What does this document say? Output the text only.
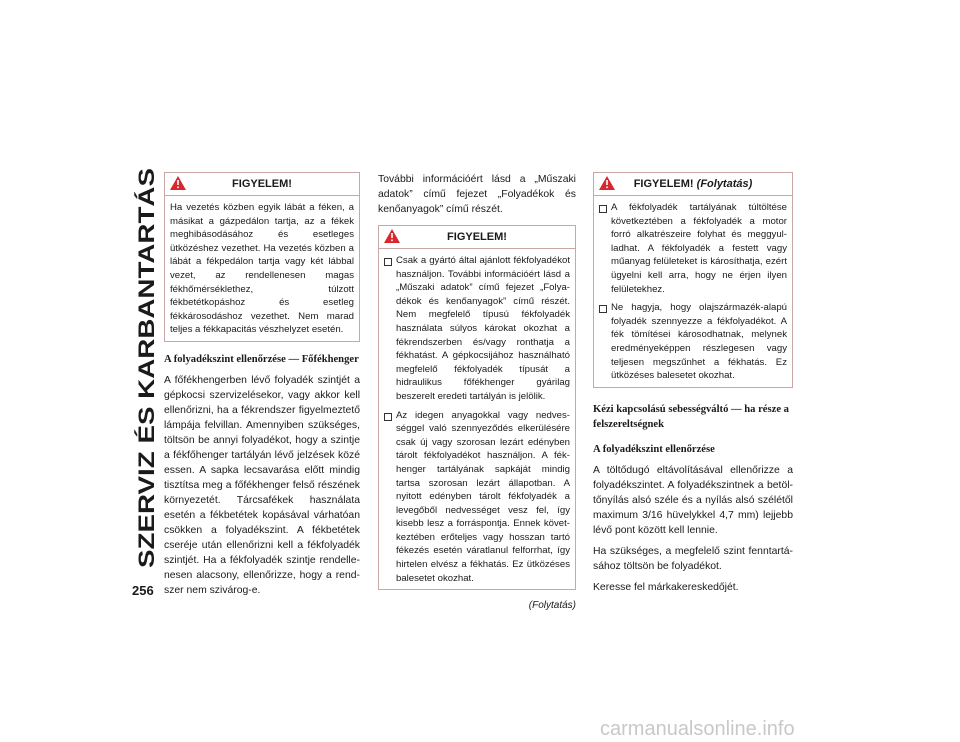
SZERVIZ ÉS KARBANTARTÁS
256
FIGYELEM!
Ha vezetés közben egyik lábát a féken, a másikat a gázpedálon tartja, az a fékek meghibásodásához és esetleges ütközéshez vezethet. Ha vezetés közben a lábát a fékpedálon tartja vagy két lábbal vezet, az rendellenesen magas fékhőmérséklethez, túlzott fékbetétkopáshoz és esetleg fékkárosodáshoz vezethet. Nem marad teljes a fékkapacitás vészhelyzet esetén.
A folyadékszint ellenőrzése — Főfékhenger

A főfékhengerben lévő folyadék szintjét a gépkocsi szervizelésekor, vagy akkor kell ellenőrizni, ha a fékrendszer figyelmeztető lámpája felvillan. Amennyiben szükséges, töltsön be annyi folyadékot, hogy a szintje a fékfőhenger tartályán lévő jelzések közé essen. A sapka lecsavarása előtt mindig tisztítsa meg a főfékhenger felső részének környezetét. Tárcsafékek használata esetén a fékbetétek kopásával várhatóan csökken a folyadékszint. A fékbetétek cseréje után ellenőrizni kell a fékfolyadék szintjét. Ha a fékfolyadék szintje rendellenesen alacsony, ellenőrizze, hogy a rendszer nem szivárog-e.

További információért lásd a „Műszaki adatok” című fejezet „Folyadékok és kenőanyagok” című részét.

FIGYELEM!
Csak a gyártó által ajánlott fékfolyadékot használjon. További információért lásd a „Műszaki adatok” című fejezet „Folyadékok és kenőanyagok” című részét. Nem megfelelő típusú fékfolyadék használata súlyos károkat okozhat a fékrendszerben és/vagy ronthatja a fékhatást. A gépkocsijához használható megfelelő fékfolyadék típusát a hidraulikus főfékhenger gyárilag beszerelt eredeti tartályán is jelölik.
Az idegen anyagokkal vagy nedvességgel való szennyeződés elkerülésére csak új vagy szorosan lezárt edényben tárolt fékfolyadékot használjon. A fékhenger tartályának sapkáját mindig tartsa szorosan lezárt állapotban. A nyitott edényben tárolt fékfolyadék a levegőből nedvességet vesz fel, így kisebb lesz a forráspontja. Ennek következtében erőteljes vagy hosszan tartó fékezés esetén váratlanul felforrhat, így hirtelen elvész a fékhatás. Ez ütközéses balesetet okozhat.
(Folytatás)
FIGYELEM! (Folytatás)
A fékfolyadék tartályának túltöltése következtében a fékfolyadék a motor forró alkatrészeire folyhat és meggyulladhat. A fékfolyadék a festett vagy műanyag felületeket is károsíthatja, ezért ügyelni kell arra, hogy ne érjen ilyen felületekhez.
Ne hagyja, hogy olajszármazék-alapú folyadék szennyezze a fékfolyadékot. A fék tömítései károsodhatnak, melynek eredményeképpen részlegesen vagy teljesen megszűnhet a fékhatás. Ez ütközéses balesetet okozhat.
Kézi kapcsolású sebességváltó — ha része a felszereltségnek
A folyadékszint ellenőrzése

A töltődugó eltávolításával ellenőrizze a folyadékszintet. A folyadékszintnek a betöltőnyílás alsó széle és a nyílás alsó szélétől maximum 3/16 hüvelykkel 4,7 mm) lejjebb lévő pont között kell lennie.

Ha szükséges, a megfelelő szint fenntartásához töltsön be folyadékot.

Keresse fel márkakereskedőjét.

carmanualsonline.info
